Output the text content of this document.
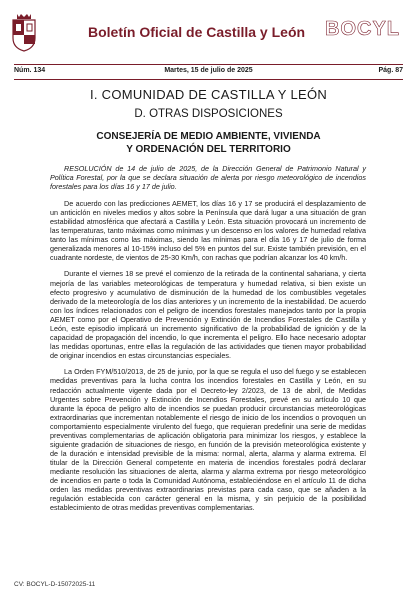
Boletín Oficial de Castilla y León BOCYL
Núm. 134	Martes, 15 de julio de 2025	Pág. 87
I. COMUNIDAD DE CASTILLA Y LEÓN
D. OTRAS DISPOSICIONES
CONSEJERÍA DE MEDIO AMBIENTE, VIVIENDA
Y ORDENACIÓN DEL TERRITORIO

RESOLUCIÓN de 14 de julio de 2025, de la Dirección General de Patrimonio Natural y Política Forestal, por la que se declara situación de alerta por riesgo meteorológico de incendios forestales para los días 16 y 17 de julio.

De acuerdo con las predicciones AEMET, los días 16 y 17 se producirá el desplazamiento de un anticiclón en niveles medios y altos sobre la Península que dará lugar a una situación de gran estabilidad atmosférica que afectará a Castilla y León. Esta situación provocará un incremento de las temperaturas, tanto máximas como mínimas y un descenso en los valores de humedad relativa tanto las mínimas como las máximas, siendo las mínimas para el día 16 y 17 de julio de forma generalizada menores al 10-15% incluso del 5% en puntos del sur. Existe también previsión, en el cuadrante nordeste, de vientos de 25-30 Km/h, con rachas que podrían alcanzar los 40 km/h.

Durante el viernes 18 se prevé el comienzo de la retirada de la continental sahariana, y cierta mejoría de las variables meteorológicas de temperatura y humedad relativa, si bien existe un efecto progresivo y acumulativo de disminución de la humedad de los combustibles vegetales derivado de la meteorología de los días anteriores y un incremento de la inestabilidad. De acuerdo con los índices relacionados con el peligro de incendios forestales manejados tanto por la propia AEMET como por el Operativo de Prevención y Extinción de Incendios Forestales de Castilla y León, este episodio implicará un incremento significativo de la probabilidad de ignición y de la capacidad de propagación del incendio, lo que incrementa el peligro. Ello hace necesario adoptar las medidas oportunas, entre ellas la regulación de las actividades que tienen mayor probabilidad de originar incendios en estas circunstancias especiales.

La Orden FYM/510/2013, de 25 de junio, por la que se regula el uso del fuego y se establecen medidas preventivas para la lucha contra los incendios forestales en Castilla y León, en su redacción actualmente vigente dada por el Decreto-ley 2/2023, de 13 de abril, de Medidas Urgentes sobre Prevención y Extinción de Incendios Forestales, prevé en su artículo 10 que durante la época de peligro alto de incendios se puedan producir circunstancias meteorológicas extraordinarias que incrementan notablemente el riesgo de inicio de los incendios o provoquen un comportamiento especialmente virulento del fuego, que requieran predefinir una serie de medidas preventivas complementarias de aplicación obligatoria para minimizar los riesgos, y establece la siguiente gradación de situaciones de riesgo, en función de la previsión meteorológica existente y de la duración e intensidad previsible de la misma: normal, alerta, alarma y alarma extrema. El titular de la Dirección General competente en materia de incendios forestales podrá declarar mediante resolución las situaciones de alerta, alarma y alarma extrema por riesgo meteorológico de incendios en parte o toda la Comunidad Autónoma, estableciéndose en el artículo 11 de dicha orden las medidas preventivas extraordinarias previstas para cada caso, que se añaden a la regulación establecida con carácter general en la misma, y sin perjuicio de la posibilidad establecimiento de otras medidas preventivas complementarias.

CV: BOCYL-D-15072025-11
